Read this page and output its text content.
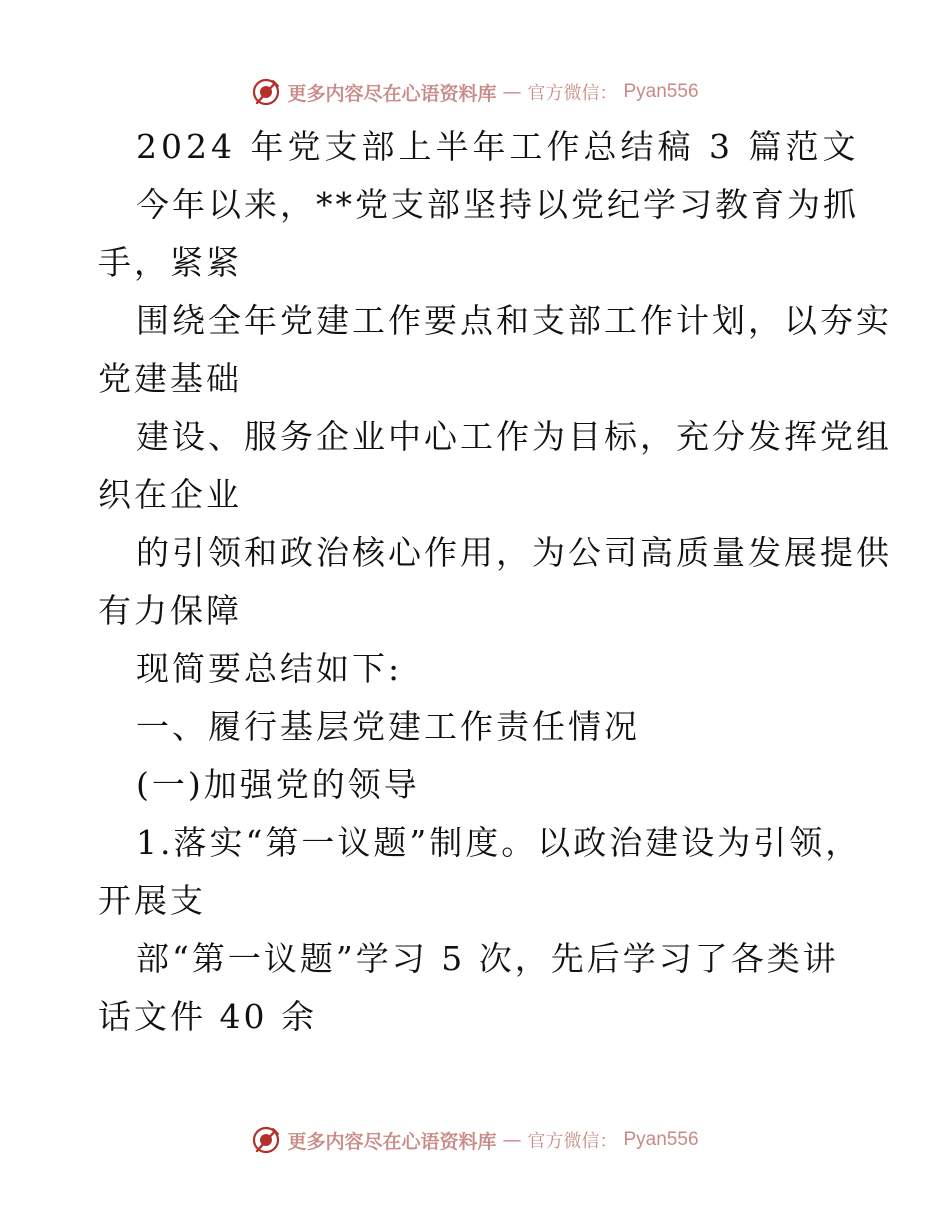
更多内容尽在心语资料库 — 官方微信： Pyan556
2024 年党支部上半年工作总结稿 3 篇范文
今年以来，**党支部坚持以党纪学习教育为抓
手，紧紧
围绕全年党建工作要点和支部工作计划，以夯实
党建基础
建设、服务企业中心工作为目标，充分发挥党组
织在企业
的引领和政治核心作用，为公司高质量发展提供
有力保障
现简要总结如下:
一、履行基层党建工作责任情况
(一)加强党的领导
1.落实“第一议题”制度。以政治建设为引领，
开展支
部“第一议题”学习 5 次，先后学习了各类讲
话文件 40 余
更多内容尽在心语资料库 — 官方微信： Pyan556
